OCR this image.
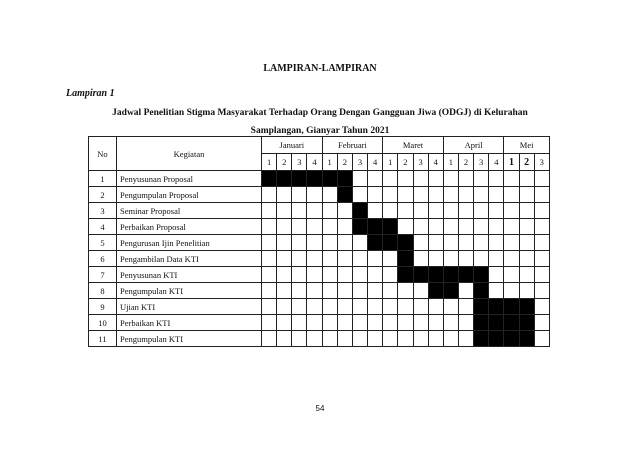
LAMPIRAN-LAMPIRAN
Lampiran 1
Jadwal Penelitian Stigma Masyarakat Terhadap Orang Dengan Gangguan Jiwa (ODGJ) di Kelurahan
Samplangan, Gianyar Tahun 2021
No	Kegiatan	Januari				Februari				Maret				April				Mei		
		1	2	3	4	1	2	3	4	1	2	3	4	1	2	3	4	1	2	3
1	Penyusunan Proposal																			
2	Pengumpulan Proposal																			
3	Seminar Proposal																			
4	Perbaikan Proposal																			
5	Pengurusan Ijin Penelitian																			
6	Pengambilan Data KTI																			
7	Penyusunan KTI																			
8	Pengumpulan KTI																			
9	Ujian KTI																			
10	Perbaikan KTI																			
11	Pengumpulan KTI																			
54
